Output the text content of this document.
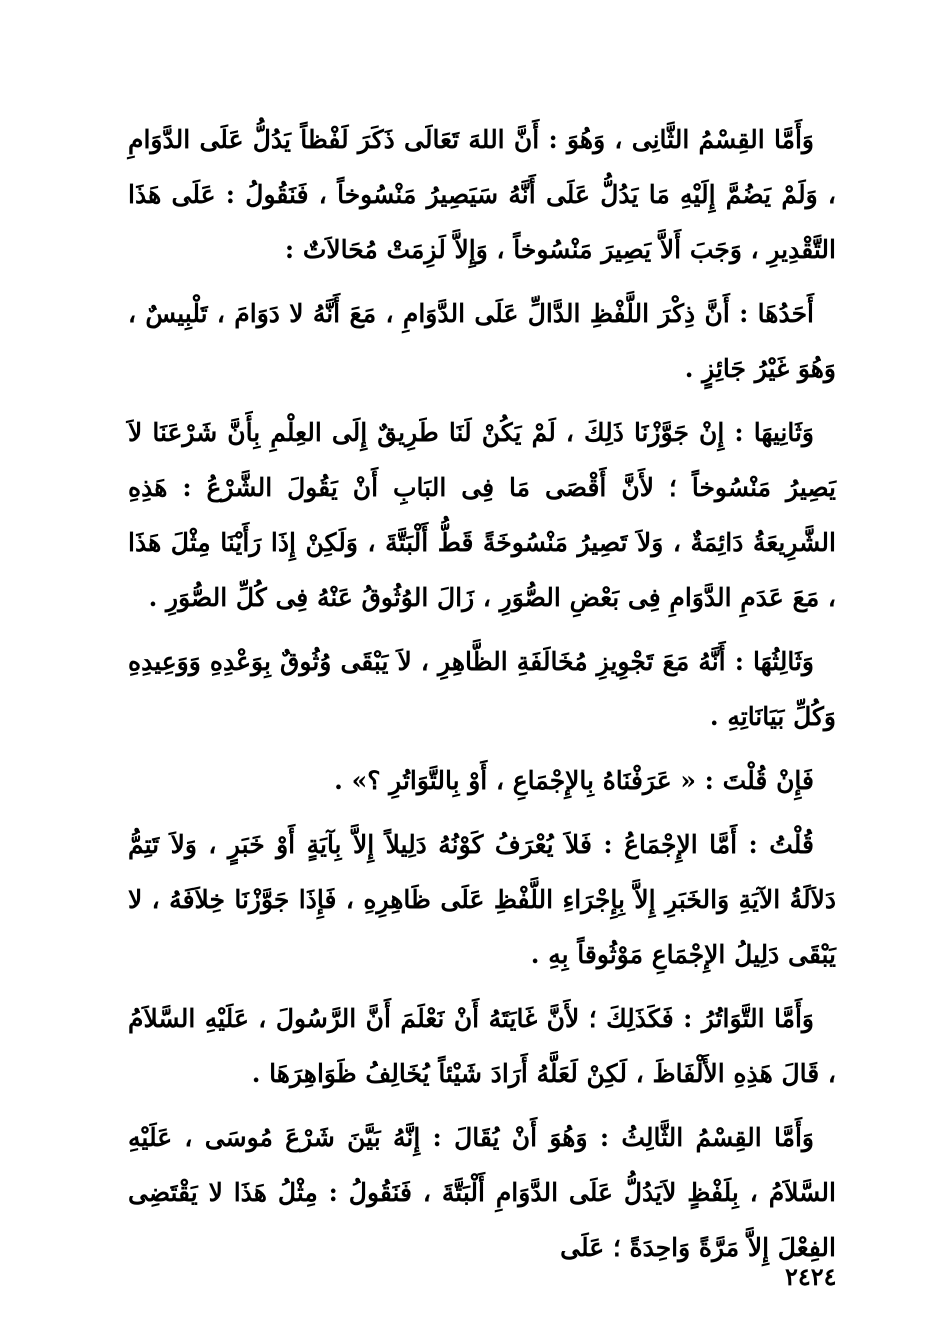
وَأَمَّا القِسْمُ الثَّانِى ، وَهُوَ : أَنَّ اللهَ تَعَالَى ذَكَرَ لَفْظاً يَدُلُّ عَلَى الدَّوَامِ ، وَلَمْ يَضُمَّ إِلَيْهِ مَا يَدُلُّ عَلَى أَنَّهُ سَيَصِيرُ مَنْسُوخاً ، فَنَقُولُ : عَلَى هَذَا التَّقْدِيرِ ، وَجَبَ أَلاَّ يَصِيرَ مَنْسُوخاً ، وَإِلاَّ لَزِمَتْ مُحَالاَتٌ :

أَحَدُهَا : أَنَّ ذِكْرَ اللَّفْظِ الدَّالِّ عَلَى الدَّوَامِ ، مَعَ أَنَّهُ لا دَوَامَ ، تَلْبِيسٌ ، وَهُوَ غَيْرُ جَائِزٍ .

وَثَانِيهَا : إِنْ جَوَّزْنَا ذَلِكَ ، لَمْ يَكُنْ لَنَا طَرِيقٌ إِلَى العِلْمِ بِأَنَّ شَرْعَنَا لاَ يَصِيرُ مَنْسُوخاً ؛ لأَنَّ أَقْصَى مَا فِى البَابِ أَنْ يَقُولَ الشَّرْعُ : هَذِهِ الشَّرِيعَةُ دَائِمَةٌ ، وَلاَ تَصِيرُ مَنْسُوخَةً قَطُّ أَلْبَتَّةَ ، وَلَكِنْ إِذَا رَأَيْنَا مِثْلَ هَذَا ، مَعَ عَدَمِ الدَّوَامِ فِى بَعْضِ الصُّوَرِ ، زَالَ الوُثُوقُ عَنْهُ فِى كُلِّ الصُّوَرِ .

وَثَالِثُهَا : أَنَّهُ مَعَ تَجْوِيزِ مُخَالَفَةِ الظَّاهِرِ ، لاَ يَبْقَى وُثُوقٌ بِوَعْدِهِ وَوَعِيدِهِ وَكُلِّ بَيَانَاتِهِ .

فَإِنْ قُلْتَ : « عَرَفْنَاهُ بِالإِجْمَاعِ ، أَوْ بِالتَّوَاتُرِ ؟» .

قُلْتُ : أَمَّا الإِجْمَاعُ : فَلاَ يُعْرَفُ كَوْنُهُ دَلِيلاً إِلاَّ بِآيَةٍ أَوْ خَبَرٍ ، وَلاَ تَتِمُّ دَلاَلَةُ الآيَةِ وَالخَبَرِ إِلاَّ بِإِجْرَاءِ اللَّفْظِ عَلَى ظَاهِرِهِ ، فَإِذَا جَوَّزْنَا خِلاَفَهُ ، لا يَبْقَى دَلِيلُ الإِجْمَاعِ مَوْثُوقاً بِهِ .

وَأَمَّا التَّوَاتُرُ : فَكَذَلِكَ ؛ لأَنَّ غَايَتَهُ أَنْ نَعْلَمَ أَنَّ الرَّسُولَ ، عَلَيْهِ السَّلاَمُ ، قَالَ هَذِهِ الأَلْفَاظَ ، لَكِنْ لَعَلَّهُ أَرَادَ شَيْئاً يُخَالِفُ ظَوَاهِرَهَا .

وَأَمَّا القِسْمُ الثَّالِثُ : وَهُوَ أَنْ يُقَالَ : إِنَّهُ بَيَّنَ شَرْعَ مُوسَى ، عَلَيْهِ السَّلاَمُ ، بِلَفْظٍ لاَيَدُلُّ عَلَى الدَّوَامِ أَلْبَتَّةَ ، فَنَقُولُ : مِثْلُ هَذَا لا يَقْتَضِى الفِعْلَ إِلاَّ مَرَّةً وَاحِدَةً ؛ عَلَى

٢٤٢٤
